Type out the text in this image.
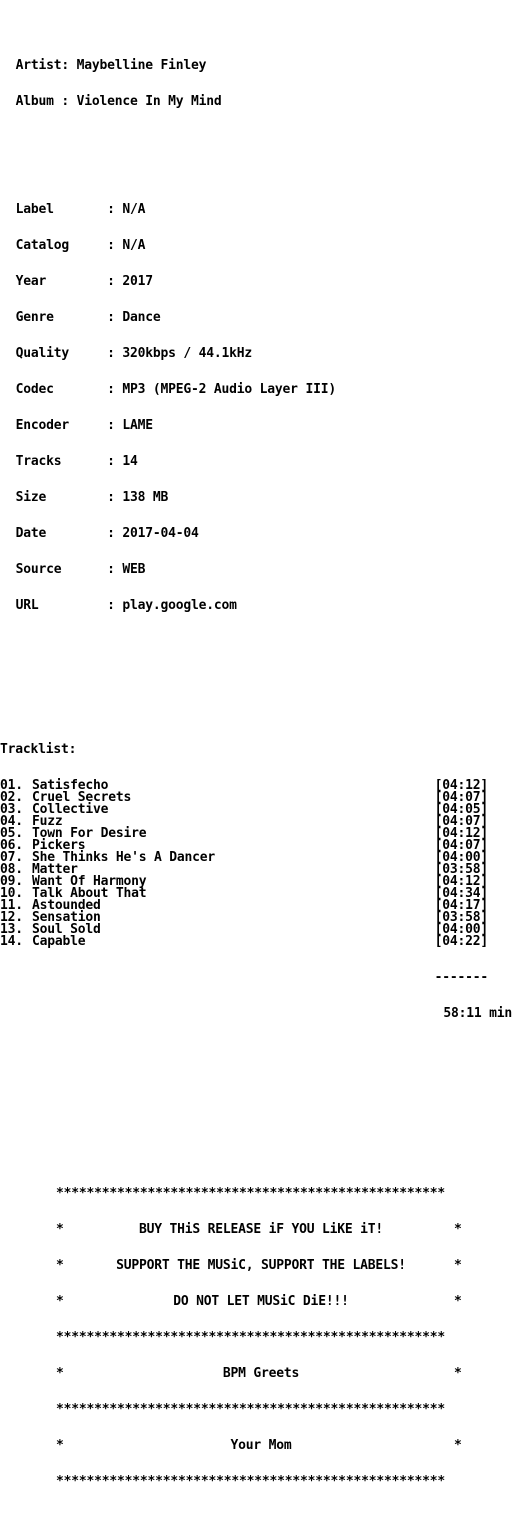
Artist: Maybelline Finley

Album : Violence In My Mind

Label       : N/A

Catalog     : N/A

Year        : 2017

Genre       : Dance

Quality     : 320kbps / 44.1kHz

Codec       : MP3 (MPEG-2 Audio Layer III)

Encoder     : LAME

Tracks      : 14

Size        : 138 MB

Date        : 2017-04-04

Source      : WEB

URL         : play.google.com

Tracklist:

01. Satisfecho	[04:12]
02. Cruel Secrets	[04:07]
03. Collective	[04:05]
04. Fuzz	[04:07]
05. Town For Desire	[04:12]
06. Pickers	[04:07]
07. She Thinks He's A Dancer	[04:00]
08. Matter	[03:58]
09. Want Of Harmony	[04:12]
10. Talk About That	[04:34]
11. Astounded	[04:17]
12. Sensation	[03:58]
13. Soul Sold	[04:00]
14. Capable	[04:22]

-------

58:11 min

***************************************************

*	BUY THiS RELEASE iF YOU LiKE iT!	*

*	SUPPORT THE MUSiC, SUPPORT THE LABELS!	*

*	DO NOT LET MUSiC DiE!!!	*

***************************************************

*	BPM Greets	*

***************************************************

*	Your Mom	*

***************************************************
